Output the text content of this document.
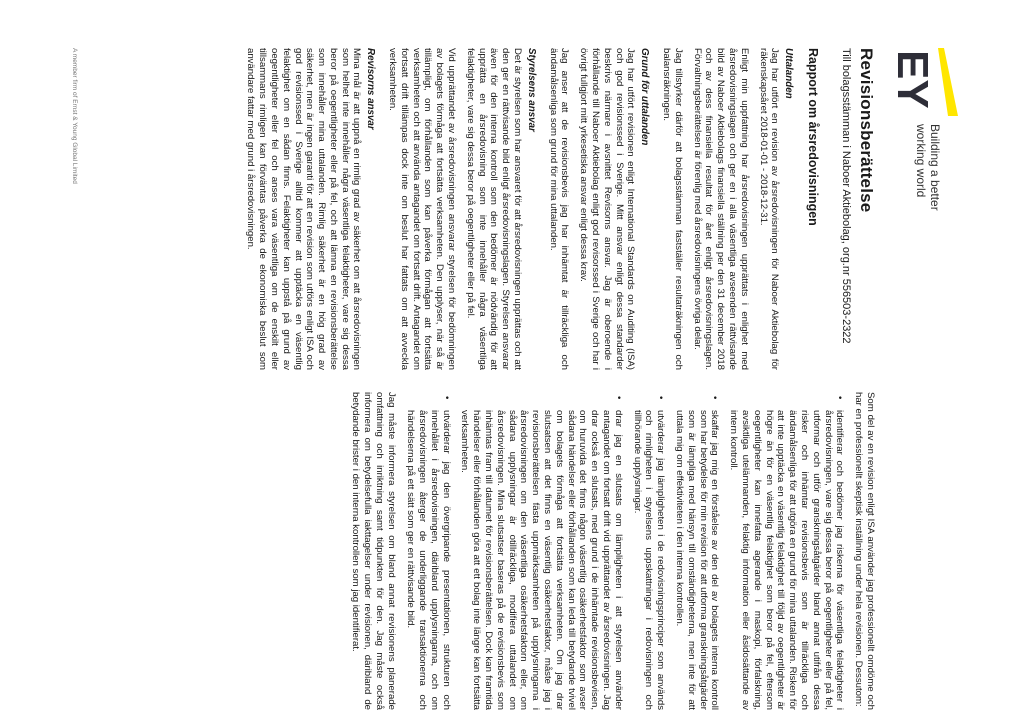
EY
Building a better
working world
Revisionsberättelse
Till bolagsstämman i Naboer Aktiebolag, org.nr 556503-2322
Rapport om årsredovisningen
Uttalanden

Jag har utfört en revision av årsredovisningen för Naboer Aktiebolag för räkenskapsåret 2018-01-01 - 2018-12-31.

Enligt min uppfattning har årsredovisningen upprättats i enlighet med årsredovisningslagen och ger en i alla väsentliga avseenden rättvisande bild av Naboer Aktiebolags finansiella ställning per den 31 december 2018 och av dess finansiella resultat för året enligt årsredovisningslagen. Förvaltningsberättelsen är förenlig med årsredovisningens övriga delar.

Jag tillstyrker därför att bolagsstämman fastställer resultaträkningen och balansräkningen.

Grund för uttalanden

Jag har utfört revisionen enligt International Standards on Auditing (ISA) och god revisionssed i Sverige. Mitt ansvar enligt dessa standarder beskrivs närmare i avsnittet Revisorns ansvar. Jag är oberoende i förhållande till Naboer Aktiebolag enligt god revisorssed i Sverige och har i övrigt fullgjort mitt yrkesetiska ansvar enligt dessa krav.

Jag anser att de revisionsbevis jag har inhämtat är tillräckliga och ändamålsenliga som grund för mina uttalanden.

Styrelsens ansvar

Det är styrelsen som har ansvaret för att årsredovisningen upprättas och att den ger en rättvisande bild enligt årsredovisningslagen. Styrelsen ansvarar även för den interna kontroll som den bedömer är nödvändig för att upprätta en årsredovisning som inte innehåller några väsentliga felaktigheter, vare sig dessa beror på oegentligheter eller på fel.

Vid upprättandet av årsredovisningen ansvarar styrelsen för bedömningen av bolagets förmåga att fortsätta verksamheten. Den upplyser, när så är tillämpligt, om förhållanden som kan påverka förmågan att fortsätta verksamheten och att använda antagandet om fortsatt drift. Antagandet om fortsatt drift tillämpas dock inte om beslut har fattats om att avveckla verksamheten.

Revisorns ansvar

Mina mål är att uppnå en rimlig grad av säkerhet om att årsredovisningen som helhet inte innehåller några väsentliga felaktigheter, vare sig dessa beror på oegentligheter eller på fel, och att lämna en revisionsberättelse som innehåller mina uttalanden. Rimlig säkerhet är en hög grad av säkerhet, men är ingen garanti för att en revision som utförs enligt ISA och god revisionssed i Sverige alltid kommer att upptäcka en väsentlig felaktighet om en sådan finns. Felaktigheter kan uppstå på grund av oegentligheter eller fel och anses vara väsentliga om de enskilt eller tillsammans rimligen kan förväntas påverka de ekonomiska beslut som användare fattar med grund i årsredovisningen.

Som del av en revision enligt ISA använder jag professionellt omdöme och har en professionellt skeptisk inställning under hela revisionen. Dessutom:

• identifierar och bedömer jag riskerna för väsentliga felaktigheter i årsredovisningen, vare sig dessa beror på oegentligheter eller på fel, utformar och utför granskningsåtgärder bland annat utifrån dessa risker och inhämtar revisionsbevis som är tillräckliga och ändamålsenliga för att utgöra en grund för mina uttalanden. Risken för att inte upptäcka en väsentlig felaktighet till följd av oegentligheter är högre än för en väsentlig felaktighet som beror på fel, eftersom oegentligheter kan innefatta agerande i maskopi, förfalskning, avsiktliga utelämnanden, felaktig information eller åsidosättande av intern kontroll.
• skaffar jag mig en förståelse av den del av bolagets interna kontroll som har betydelse för min revision för att utforma granskningsåtgärder som är lämpliga med hänsyn till omständigheterna, men inte för att uttala mig om effektiviteten i den interna kontrollen.
• utvärderar jag lämpligheten i de redovisningsprinciper som används och rimligheten i styrelsens uppskattningar i redovisningen och tillhörande upplysningar.
• drar jag en slutsats om lämpligheten i att styrelsen använder antagandet om fortsatt drift vid upprättandet av årsredovisningen. Jag drar också en slutsats, med grund i de inhämtade revisionsbevisen, om huruvida det finns någon väsentlig osäkerhetsfaktor som avser sådana händelser eller förhållanden som kan leda till betydande tvivel om bolagets förmåga att fortsätta verksamheten. Om jag drar slutsatsen att det finns en väsentlig osäkerhetsfaktor, måste jag i revisionsberättelsen fästa uppmärksamheten på upplysningarna i årsredovisningen om den väsentliga osäkerhetsfaktorn eller, om sådana upplysningar är otillräckliga, modifiera uttalandet om årsredovisningen. Mina slutsatser baseras på de revisionsbevis som inhämtas fram till datumet för revisionsberättelsen. Dock kan framtida händelser eller förhållanden göra att ett bolag inte längre kan fortsätta verksamheten.
• utvärderar jag den övergripande presentationen, strukturen och innehållet i årsredovisningen, däribland upplysningarna, och om årsredovisningen återger de underliggande transaktionerna och händelserna på ett sätt som ger en rättvisande bild.

Jag måste informera styrelsen om bland annat revisionens planerade omfattning och inriktning samt tidpunkten för den. Jag måste också informera om betydelsefulla iakttagelser under revisionen, däribland de betydande brister i den interna kontrollen som jag identifierat.

A member firm of Ernst & Young Global Limited
